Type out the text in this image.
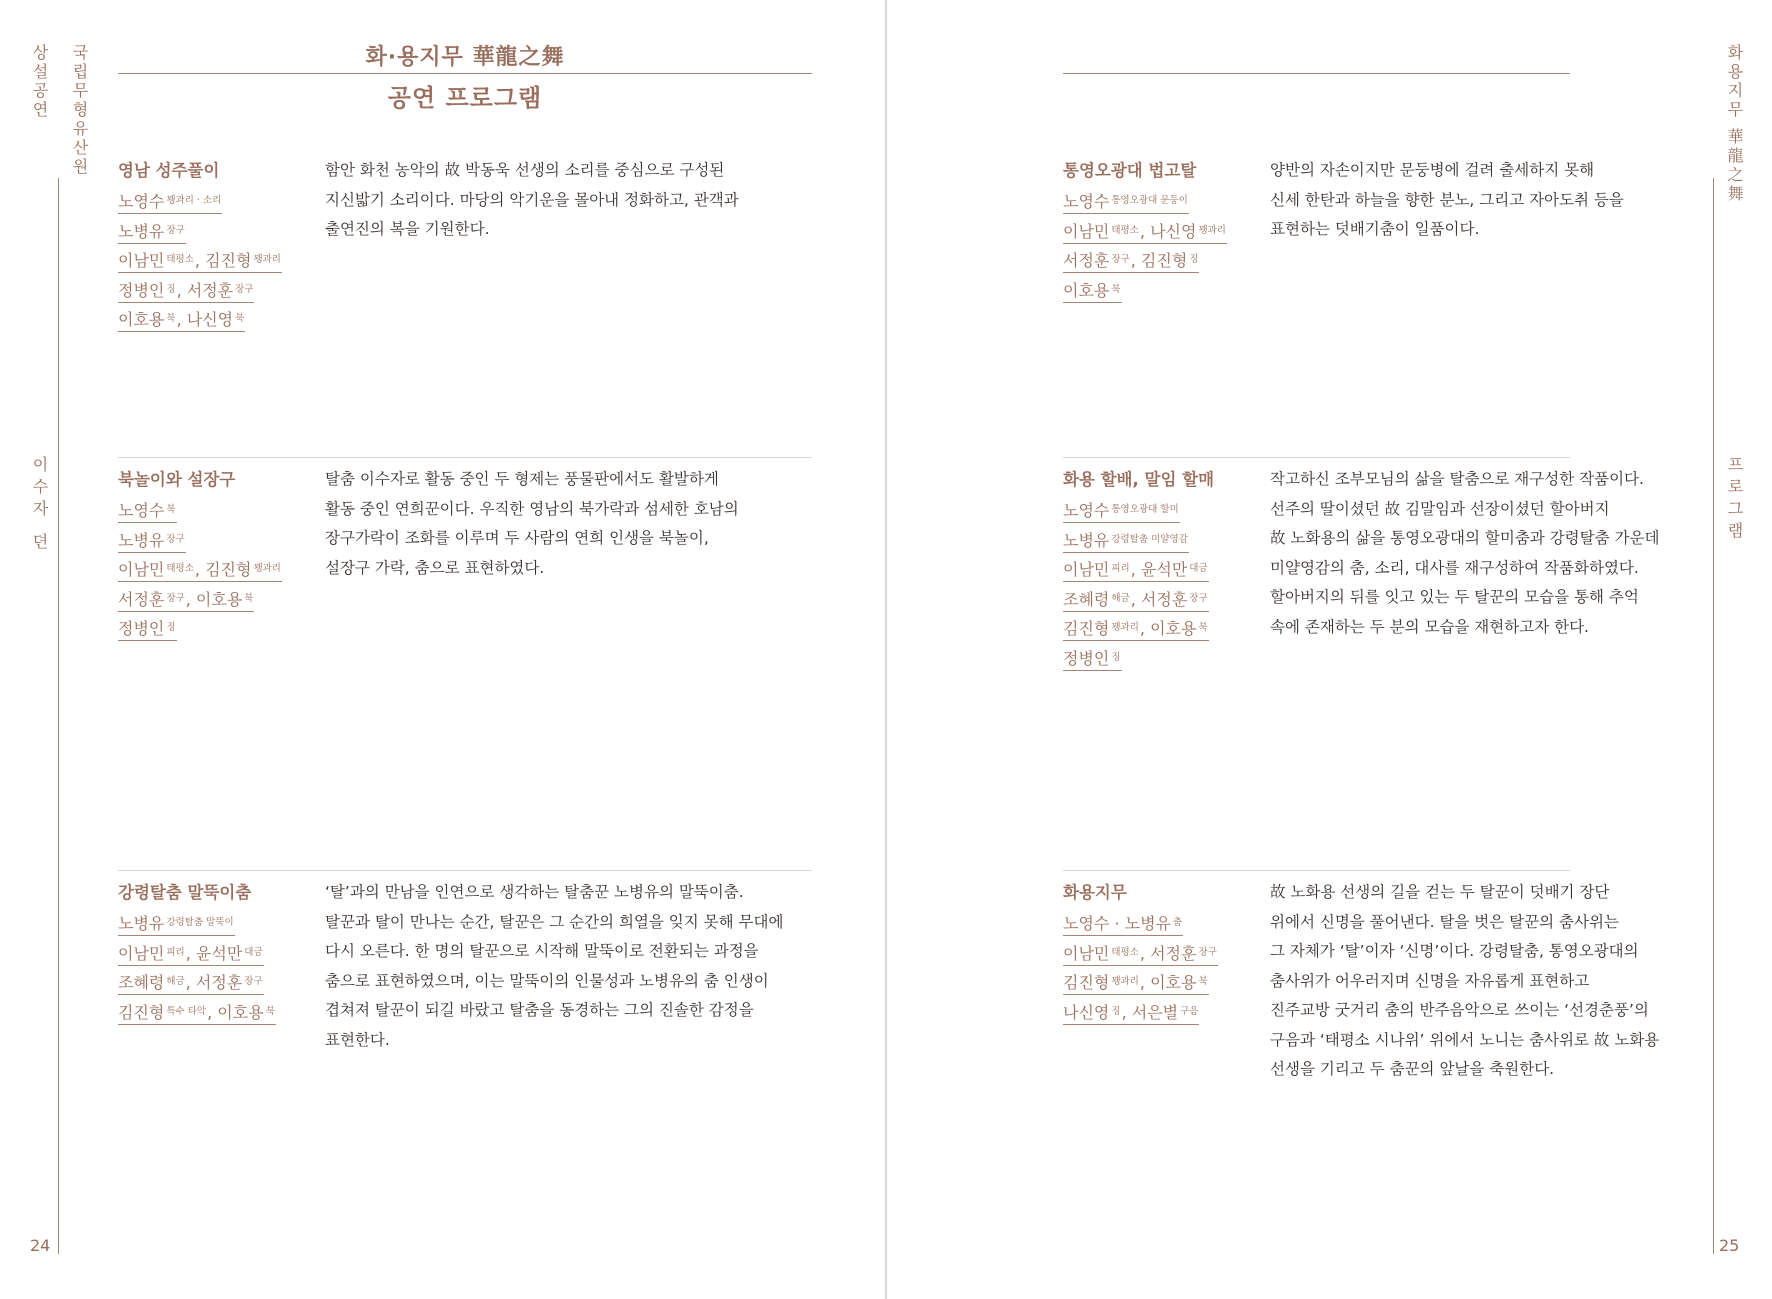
상설공연 국립무형유산원
이수자 뎐
24
화·용지무 華龍之舞
공연 프로그램
영남 성주풀이
노영수 $^{꽹과리 \cdot 소리}$
노병유 $^{장구}$
이남민 $^{태평소}$, 김진형 $^{꽹과리}$
정병인 $^징$, 서정훈 $^{장구}$
이호용 $^북$, 나신영 $^북$
함안 화천 농악의 故 박동욱 선생의 소리를 중심으로 구성된
지신밟기 소리이다. 마당의 악기운을 몰아내 정화하고, 관객과
출연진의 복을 기원한다.
북놀이와 설장구
노영수 $^북$
노병유 $^{장구}$
이남민 $^{태평소}$, 김진형 $^{꽹과리}$
서정훈 $^{장구}$, 이호용 $^북$
정병인 $^징$
탈춤 이수자로 활동 중인 두 형제는 풍물판에서도 활발하게
활동 중인 연희꾼이다. 우직한 영남의 북가락과 섬세한 호남의
장구가락이 조화를 이루며 두 사람의 연희 인생을 북놀이,
설장구 가락, 춤으로 표현하였다.
강령탈춤 말뚝이춤
노병유 $^{강령탈춤 말뚝이}$
이남민 $^{피리}$, 윤석만 $^{대금}$
조혜령 $^{해금}$, 서정훈 $^{장구}$
김진형 $^{특수 타악}$, 이호용 $^북$
‘탈’과의 만남을 인연으로 생각하는 탈춤꾼 노병유의 말뚝이춤.
탈꾼과 탈이 만나는 순간, 탈꾼은 그 순간의 희열을 잊지 못해 무대에
다시 오른다. 한 명의 탈꾼으로 시작해 말뚝이로 전환되는 과정을
춤으로 표현하였으며, 이는 말뚝이의 인물성과 노병유의 춤 인생이
겹쳐져 탈꾼이 되길 바랐고 탈춤을 동경하는 그의 진솔한 감정을
표현한다.
화용지무 華龍之舞
프로그램
25
통영오광대 법고탈
노영수 $^{통영오광대 문둥이}$
이남민 $^{태평소}$, 나신영 $^{꽹과리}$
서정훈 $^{장구}$, 김진형 $^징$
이호용 $^북$
양반의 자손이지만 문둥병에 걸려 출세하지 못해
신세 한탄과 하늘을 향한 분노, 그리고 자아도취 등을
표현하는 덧배기춤이 일품이다.
화용 할배, 말임 할매
노영수 $^{통영오광대 할미}$
노병유 $^{강령탈춤 미얄영감}$
이남민 $^{피리}$, 윤석만 $^{대금}$
조혜령 $^{해금}$, 서정훈 $^{장구}$
김진형 $^{꽹과리}$, 이호용 $^북$
정병인 $^징$
작고하신 조부모님의 삶을 탈춤으로 재구성한 작품이다.
선주의 딸이셨던 故 김말임과 선장이셨던 할아버지
故 노화용의 삶을 통영오광대의 할미춤과 강령탈춤 가운데
미얄영감의 춤, 소리, 대사를 재구성하여 작품화하였다.
할아버지의 뒤를 잇고 있는 두 탈꾼의 모습을 통해 추억
속에 존재하는 두 분의 모습을 재현하고자 한다.
화용지무
노영수 · 노병유 $^춤$
이남민 $^{태평소}$, 서정훈 $^{장구}$
김진형 $^{꽹과리}$, 이호용 $^북$
나신영 $^징$, 서은별 $^{구음}$
故 노화용 선생의 길을 걷는 두 탈꾼이 덧배기 장단
위에서 신명을 풀어낸다. 탈을 벗은 탈꾼의 춤사위는
그 자체가 ‘탈’이자 ‘신명’이다. 강령탈춤, 통영오광대의
춤사위가 어우러지며 신명을 자유롭게 표현하고
진주교방 굿거리 춤의 반주음악으로 쓰이는 ‘선경춘풍’의
구음과 ‘태평소 시나위’ 위에서 노니는 춤사위로 故 노화용
선생을 기리고 두 춤꾼의 앞날을 축원한다.
